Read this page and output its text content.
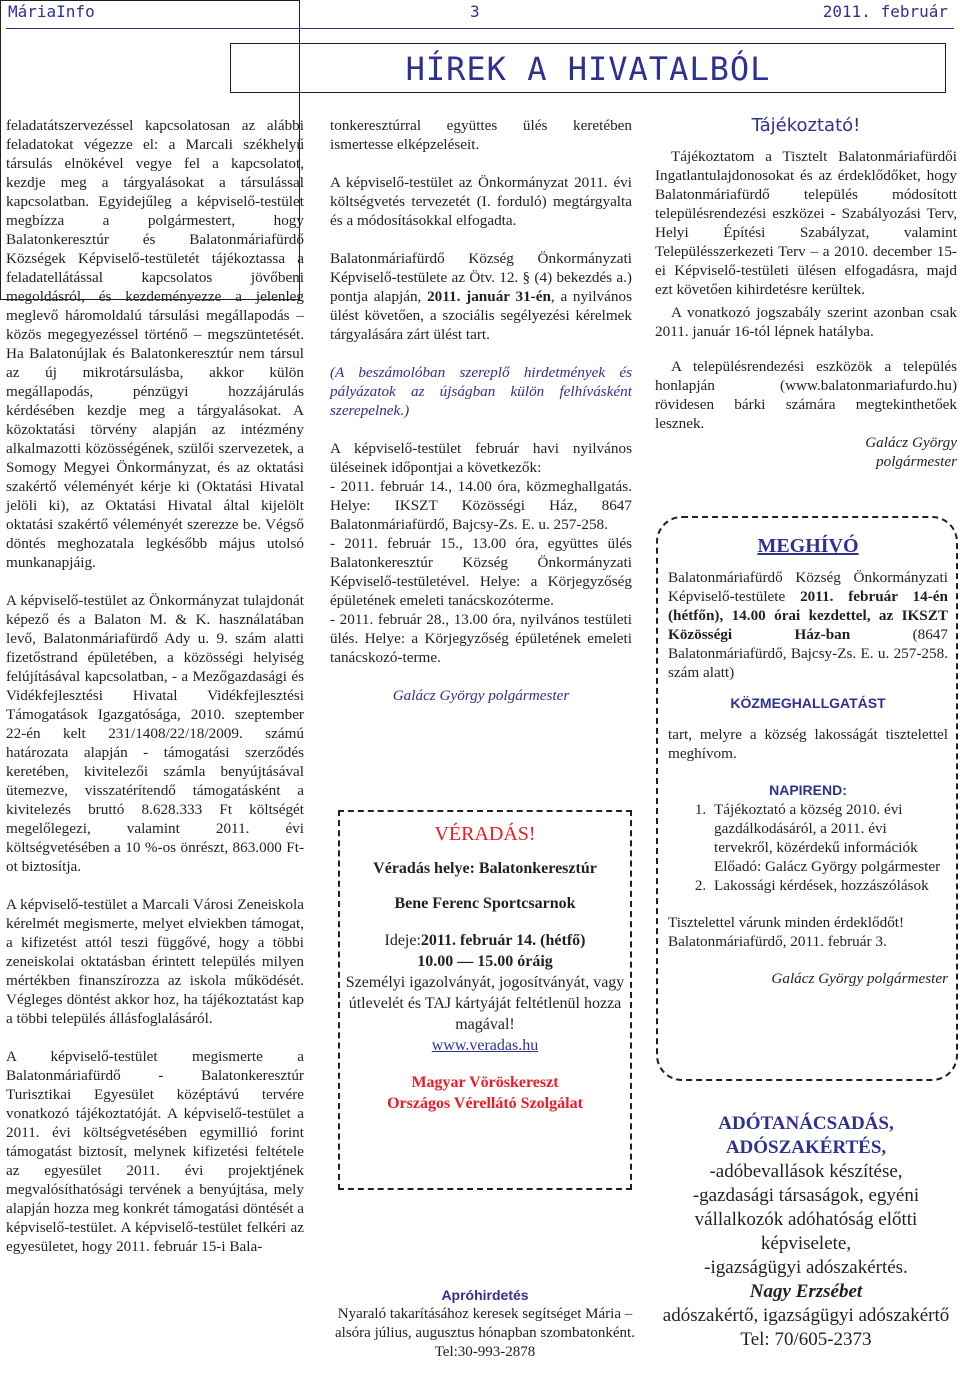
MáriaInfo	3	2011. február
HÍREK A HIVATALBÓL

feladatátszervezéssel kapcsolatosan az alábbi feladatokat végezze el: a Marcali székhelyű társulás elnökével vegye fel a kapcsolatot, kezdje meg a tárgyalásokat a társulással kapcsolatban. Egyidejűleg a képviselő-testület megbízza a polgármestert, hogy Balatonkeresztúr és Balatonmáriafürdő Községek Képviselő-testületét tájékoztassa a feladatellátással kapcsolatos jövőbeni megoldásról, és kezdeményezze a jelenleg meglevő háromoldalú társulási megállapodás – közös megegyezéssel történő – megszüntetését. Ha Balatonújlak és Balatonkeresztúr nem társul az új mikrotársulásba, akkor külön megállapodás, pénzügyi hozzájárulás kérdésében kezdje meg a tárgyalásokat. A közoktatási törvény alapján az intézmény alkalmazotti közösségének, szülői szervezetek, a Somogy Megyei Önkormányzat, és az oktatási szakértő véleményét kérje ki (Oktatási Hivatal jelöli ki), az Oktatási Hivatal által kijelölt oktatási szakértő véleményét szerezze be. Végső döntés meghozatala legkésőbb május utolsó munkanapjáig.

A képviselő-testület az Önkormányzat tulajdonát képező és a Balaton M. & K. használatában levő, Balatonmáriafürdő Ady u. 9. szám alatti fizetőstrand épületében, a közösségi helyiség felújításával kapcsolatban, - a Mezőgazdasági és Vidékfejlesztési Hivatal Vidékfejlesztési Támogatások Igazgatósága, 2010. szeptember 22-én kelt 231/1408/22/18/2009. számú határozata alapján - támogatási szerződés keretében, kivitelezői számla benyújtásával ütemezve, visszatérítendő támogatásként a kivitelezés bruttó 8.628.333 Ft költségét megelőlegezi, valamint 2011. évi költségvetésében a 10 %-os önrészt, 863.000 Ft-ot biztosítja.

A képviselő-testület a Marcali Városi Zeneiskola kérelmét megismerte, melyet elviekben támogat, a kifizetést attól teszi függővé, hogy a többi zeneiskolai oktatásban érintett település milyen mértékben finanszírozza az iskola működését. Végleges döntést akkor hoz, ha tájékoztatást kap a többi település állásfoglalásáról.

A képviselő-testület megismerte a Balatonmáriafürdő - Balatonkeresztúr Turisztikai Egyesület középtávú tervére vonatkozó tájékoztatóját. A képviselő-testület a 2011. évi költségvetésében egymillió forint támogatást biztosít, melynek kifizetési feltétele az egyesület 2011. évi projektjének megvalósíthatósági tervének a benyújtása, mely alapján hozza meg konkrét támogatási döntését a képviselő-testület. A képviselő-testület felkéri az egyesületet, hogy 2011. február 15-i Bala-

tonkeresztúrral együttes ülés keretében ismertesse elképzeléseit.

A képviselő-testület az Önkormányzat 2011. évi költségvetés tervezetét (I. forduló) megtárgyalta és a módosításokkal elfogadta.

Balatonmáriafürdő Község Önkormányzati Képviselő-testülete az Ötv. 12. § (4) bekezdés a.) pontja alapján, 2011. január 31-én, a nyilvános ülést követően, a szociális segélyezési kérelmek tárgyalására zárt ülést tart.

(A beszámolóban szereplő hirdetmények és pályázatok az újságban külön felhívásként szerepelnek.)

A képviselő-testület február havi nyilvános üléseinek időpontjai a következők:

- 2011. február 14., 14.00 óra, közmeghallgatás. Helye: IKSZT Közösségi Ház, 8647 Balatonmáriafürdő, Bajcsy-Zs. E. u. 257-258.

- 2011. február 15., 13.00 óra, együttes ülés Balatonkeresztúr Község Önkormányzati Képviselő-testületével. Helye: a Körjegyzőség épületének emeleti tanácskozóterme.

- 2011. február 28., 13.00 óra, nyilvános testületi ülés. Helye: a Körjegyzőség épületének emeleti tanácskozó-terme.

Galácz György polgármester

VÉRADÁS!
Véradás helye: Balatonkeresztúr
Bene Ferenc Sportcsarnok
Ideje:2011. február 14. (hétfő)
10.00 — 15.00 óráig
Személyi igazolványát, jogosítványát, vagy útlevelét és TAJ kártyáját feltétlenül hozza magával!
www.veradas.hu
Magyar Vöröskereszt
Országos Vérellátó Szolgálat
Apróhirdetés
Nyaraló takarításához keresek segítséget Mária – alsóra július, augusztus hónapban szombatonként.
Tel:30-993-2878
Tájékoztató!

Tájékoztatom a Tisztelt Balatonmáriafürdői Ingatlantulajdonosokat és az érdeklődőket, hogy Balatonmáriafürdő település módosított településrendezési eszközei - Szabályozási Terv, Helyi Építési Szabályzat, valamint Településszerkezeti Terv – a 2010. december 15-ei Képviselő-testületi ülésen elfogadásra, majd ezt követően kihirdetésre kerültek.

A vonatkozó jogszabály szerint azonban csak 2011. január 16-tól lépnek hatályba.

A településrendezési eszközök a település honlapján (www.balatonmariafurdo.hu) rövidesen bárki számára megtekinthetőek lesznek.

Galácz György
polgármester
MEGHÍVÓ

Balatonmáriafürdő Község Önkormányzati Képviselő-testülete 2011. február 14-én (hétfőn), 14.00 órai kezdettel, az IKSZT Közösségi Ház-ban (8647 Balatonmáriafürdő, Bajcsy-Zs. E. u. 257-258. szám alatt)

KÖZMEGHALLGATÁST

tart, melyre a község lakosságát tisztelettel meghívom.

NAPIREND:
1. Tájékoztató a község 2010. évi gazdálkodásáról, a 2011. évi tervekről, közérdekű információk
Előadó: Galácz György polgármester
2. Lakossági kérdések, hozzászólások

Tisztelettel várunk minden érdeklődőt!

Balatonmáriafürdő, 2011. február 3.

Galácz György polgármester
ADÓTANÁCSADÁS,
ADÓSZAKÉRTÉS,
-adóbevallások készítése,
-gazdasági társaságok, egyéni vállalkozók adóhatóság előtti képviselete,
-igazságügyi adószakértés.
Nagy Erzsébet
adószakértő, igazságügyi adószakértő
Tel: 70/605-2373
